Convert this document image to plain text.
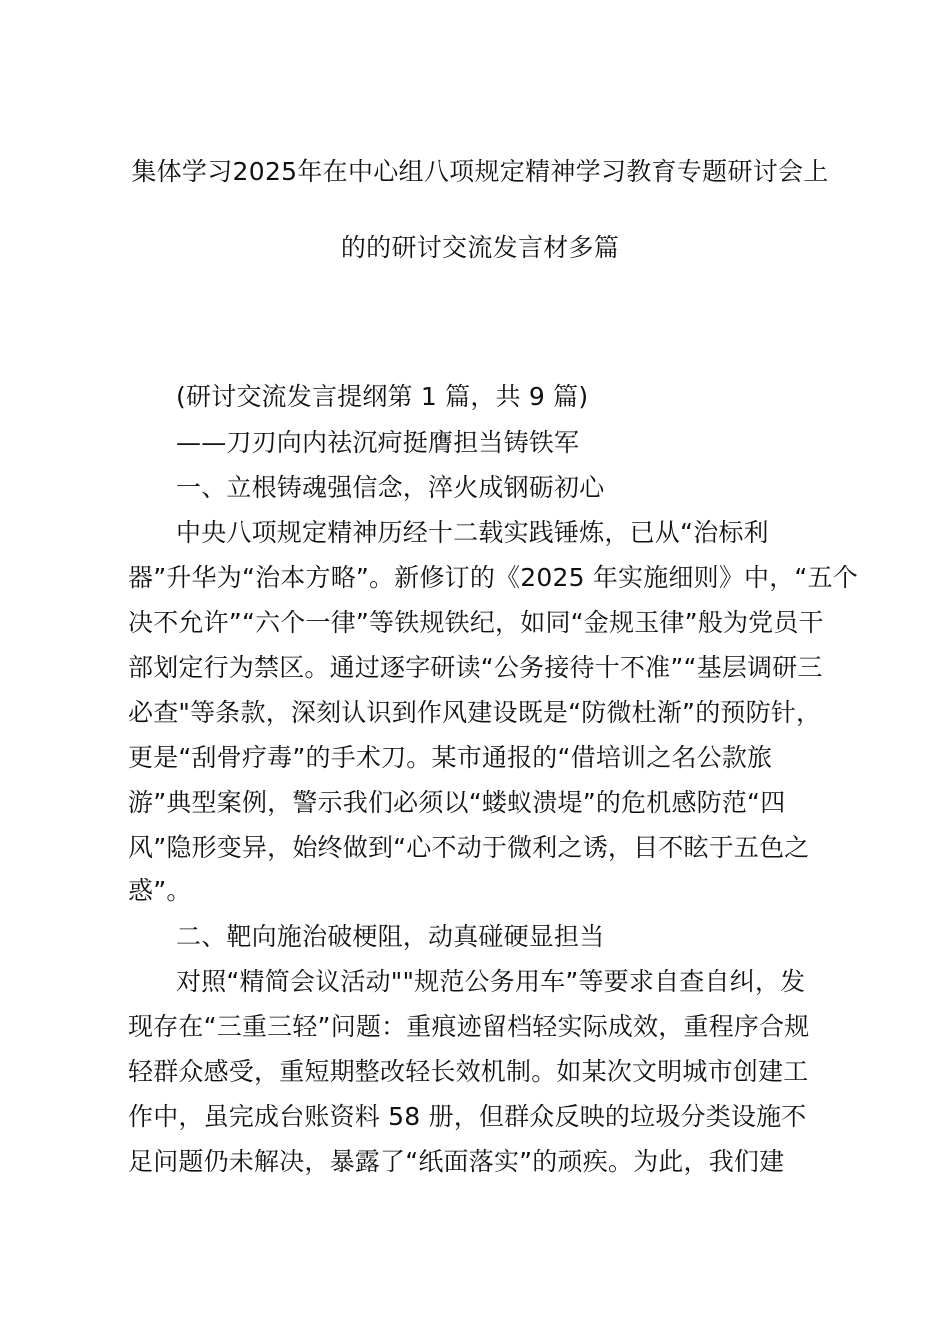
集体学习2025年在中心组八项规定精神学习教育专题研讨会上
的的研讨交流发言材多篇
(研讨交流发言提纲第 1 篇，共 9 篇)
——刀刃向内祛沉疴挺膺担当铸铁军
一、立根铸魂强信念，淬火成钢砺初心
中央八项规定精神历经十二载实践锤炼，已从“治标利
器”升华为“治本方略”。新修订的《2025 年实施细则》中，“五个
决不允许”“六个一律”等铁规铁纪，如同“金规玉律”般为党员干
部划定行为禁区。通过逐字研读“公务接待十不准”“基层调研三
必查"等条款，深刻认识到作风建设既是“防微杜渐”的预防针，
更是“刮骨疗毒”的手术刀。某市通报的“借培训之名公款旅
游”典型案例，警示我们必须以“蝼蚁溃堤”的危机感防范“四
风”隐形变异，始终做到“心不动于微利之诱，目不眩于五色之
惑”。
二、靶向施治破梗阻，动真碰硬显担当
对照“精简会议活动""规范公务用车”等要求自查自纠，发
现存在“三重三轻”问题：重痕迹留档轻实际成效，重程序合规
轻群众感受，重短期整改轻长效机制。如某次文明城市创建工
作中，虽完成台账资料 58 册，但群众反映的垃圾分类设施不
足问题仍未解决，暴露了“纸面落实”的顽疾。为此，我们建
